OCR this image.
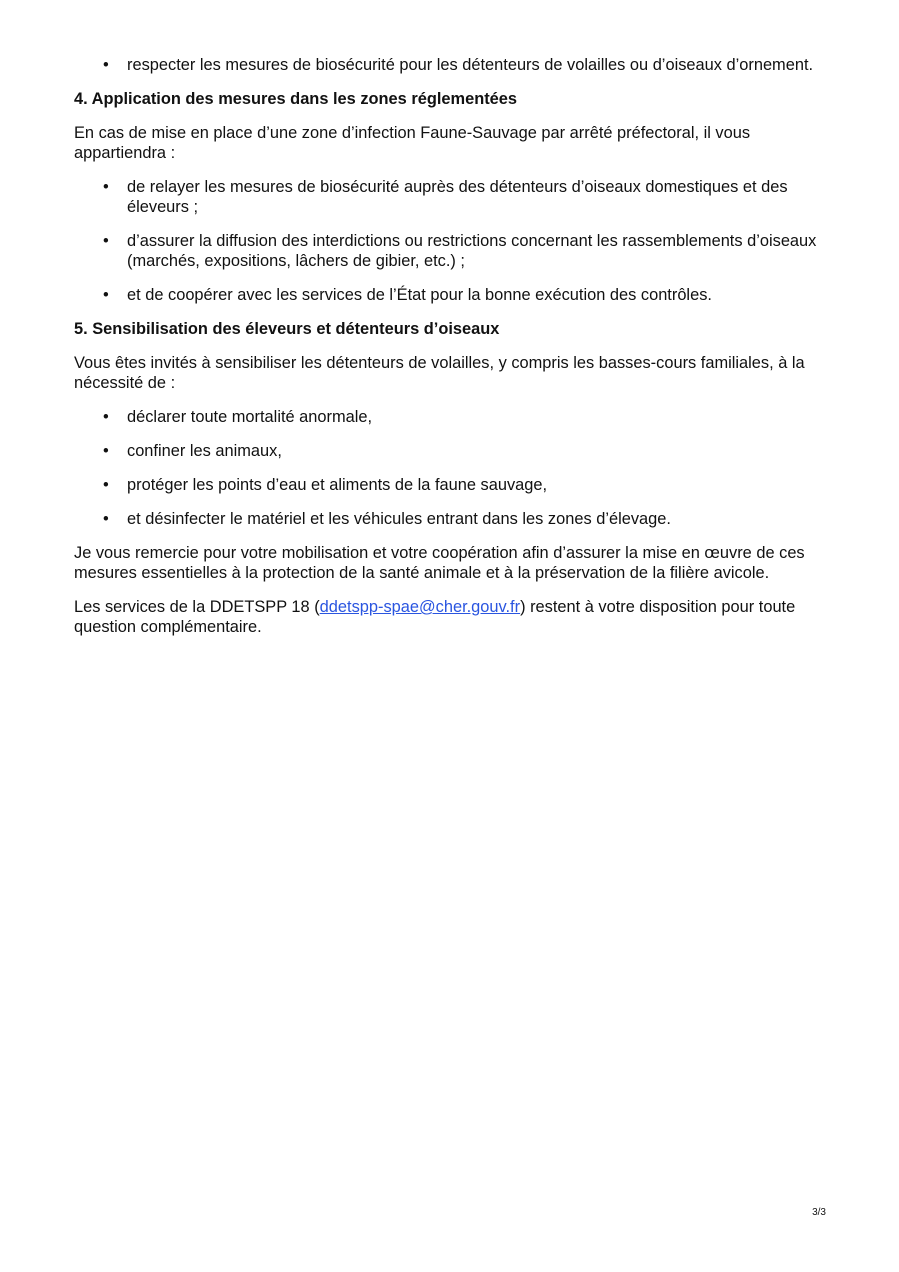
• respecter les mesures de biosécurité pour les détenteurs de volailles ou d’oiseaux d’ornement.
4. Application des mesures dans les zones réglementées

En cas de mise en place d’une zone d’infection Faune-Sauvage par arrêté préfectoral, il vous appartiendra :

• de relayer les mesures de biosécurité auprès des détenteurs d’oiseaux domestiques et des éleveurs ;
• d’assurer la diffusion des interdictions ou restrictions concernant les rassemblements d’oiseaux (marchés, expositions, lâchers de gibier, etc.) ;
• et de coopérer avec les services de l’État pour la bonne exécution des contrôles.
5. Sensibilisation des éleveurs et détenteurs d’oiseaux

Vous êtes invités à sensibiliser les détenteurs de volailles, y compris les basses-cours familiales, à la nécessité de :

• déclarer toute mortalité anormale,
• confiner les animaux,
• protéger les points d’eau et aliments de la faune sauvage,
• et désinfecter le matériel et les véhicules entrant dans les zones d’élevage.

Je vous remercie pour votre mobilisation et votre coopération afin d’assurer la mise en œuvre de ces mesures essentielles à la protection de la santé animale et à la préservation de la filière avicole.

Les services de la DDETSPP 18 (ddetspp-spae@cher.gouv.fr) restent à votre disposition pour toute question complémentaire.

3/3
